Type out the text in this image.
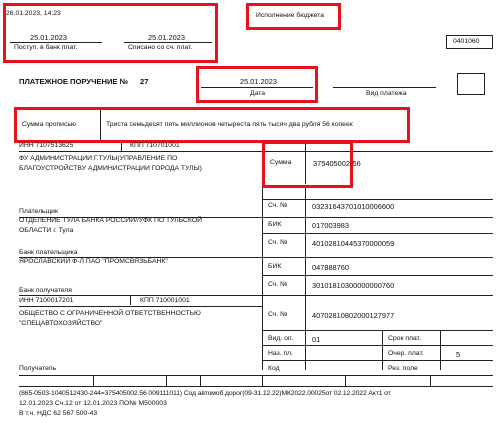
26.01.2023, 14:23
25.01.2023
Поступ. в банк плат.
25.01.2023
Списано со сч. плат.
Исполнение бюджета
0401060
ПЛАТЕЖНОЕ ПОРУЧЕНИЕ № 27	25.01.2023
Дата	Вид платежа
Сумма прописью	Триста семьдесят пять миллионов четыреста пять тысяч два рубля 56 копеек
ИНН 7107513625	КПП 710701001
ФУ АДМИНИСТРАЦИИ Г.ТУЛЫ(УПРАВЛЕНИЕ ПО
БЛАГОУСТРОЙСТВУ АДМИНИСТРАЦИИ ГОРОДА ТУЛЫ)
Сумма	375405002-56
Сч. №	03231643701010006600
Плательщик
ОТДЕЛЕНИЕ ТУЛА БАНКА РОССИИ//УФК ПО ТУЛЬСКОЙ
ОБЛАСТИ г. Тула
БИК	017003983
Сч. №	40102810445370000059
Банк плательщика
ЯРОСЛАВСКИЙ Ф-Л ПАО "ПРОМСВЯЗЬБАНК"
БИК	047888760
Сч. №	30101810300000000760
Банк получателя
ИНН 7100017201	КПП 710001001
Сч. №	40702810802000127977
ОБЩЕСТВО С ОГРАНИЧЕННОЙ ОТВЕТСТВЕННОСТЬЮ
"СПЕЦАВТОХОЗЯЙСТВО"
Вид. оп.	01	Срок плат.
Наз. пл.	Очер. плат.	5
Код	Рез. поле
Получатель
(865-0503-1040512430-244=375405002.56 009111011) Сод автомоб.дорог(09-31.12.22)МК2022.00025от 02.12.2022 Акт1 от
12.01.2023 Сч.12 от 12.01.2023 ПО№ М500003
В т.ч. НДС 62 567 500-43
